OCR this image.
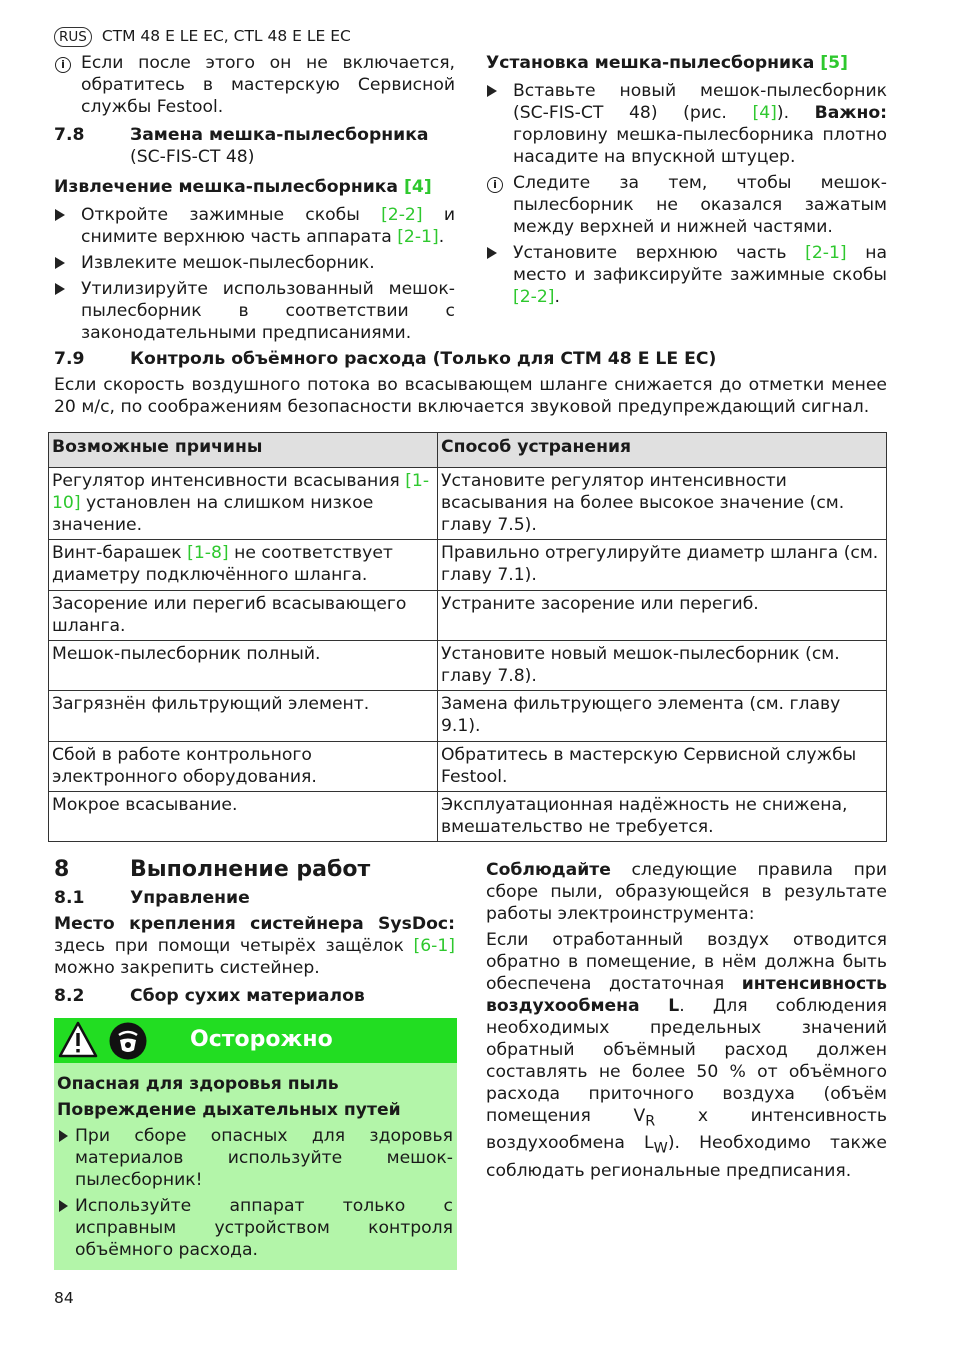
RUS CTM 48 E LE EC, CTL 48 E LE EC
i Если после этого он не включается, обратитесь в мастерскую Сервисной службы Festool.
7.8	Замена мешка-пылесборника
(SC-FIS-CT 48)
Извлечение мешка-пылесборника [4]
Откройте зажимные скобы [2-2] и снимите верхнюю часть аппарата [2-1].
Извлеките мешок-пылесборник.
Утилизируйте использованный мешок-пылесборник в соответствии с законодательными предписаниями.
Установка мешка-пылесборника [5]
Вставьте новый мешок-пылесборник (SC-FIS-CT 48) (рис. [4]). Важно: горловину мешка-пылесборника плотно насадите на впускной штуцер.
i Следите за тем, чтобы мешок-пылесборник не оказался зажатым между верхней и нижней частями.
Установите верхнюю часть [2-1] на место и зафиксируйте зажимные скобы [2-2].
7.9	Контроль объёмного расхода (Только для CTM 48 E LE EC)

Если скорость воздушного потока во всасывающем шланге снижается до отметки менее 20 м/с, по соображениям безопасности включается звуковой предупреждающий сигнал.

Возможные причины	Способ устранения
Регулятор интенсивности всасывания [1-10] установлен на слишком низкое значение.	Установите регулятор интенсивности всасывания на более высокое значение (см. главу 7.5).
Винт-барашек [1-8] не соответствует диаметру подключённого шланга.	Правильно отрегулируйте диаметр шланга (см. главу 7.1).
Засорение или перегиб всасывающего шланга.	Устраните засорение или перегиб.
Мешок-пылесборник полный.	Установите новый мешок-пылесборник (см. главу 7.8).
Загрязнён фильтрующий элемент.	Замена фильтрующего элемента (см. главу 9.1).
Сбой в работе контрольного электронного оборудования.	Обратитесь в мастерскую Сервисной службы Festool.
Мокрое всасывание.	Эксплуатационная надёжность не снижена, вмешательство не требуется.
8	Выполнение работ
8.1	Управление
Место крепления систейнера SysDoc: здесь при помощи четырёх защёлок [6-1] можно закрепить систейнер.
8.2	Сбор сухих материалов
Осторожно
Опасная для здоровья пыль
Повреждение дыхательных путей
При сборе опасных для здоровья материалов используйте мешок-пылесборник!
Используйте аппарат только с исправным устройством контроля объёмного расхода.

Соблюдайте следующие правила при сборе пыли, образующейся в результате работы электроинструмента:

Если отработанный воздух отводится обратно в помещение, в нём должна быть обеспечена достаточная интенсивность воздухообмена L. Для соблюдения необходимых предельных значений обратный объёмный расход должен составлять не более 50 % от объёмного расхода приточного воздуха (объём помещения $V_R$ x интенсивность воздухообмена $L_W$). Необходимо также соблюдать региональные предписания.

84
